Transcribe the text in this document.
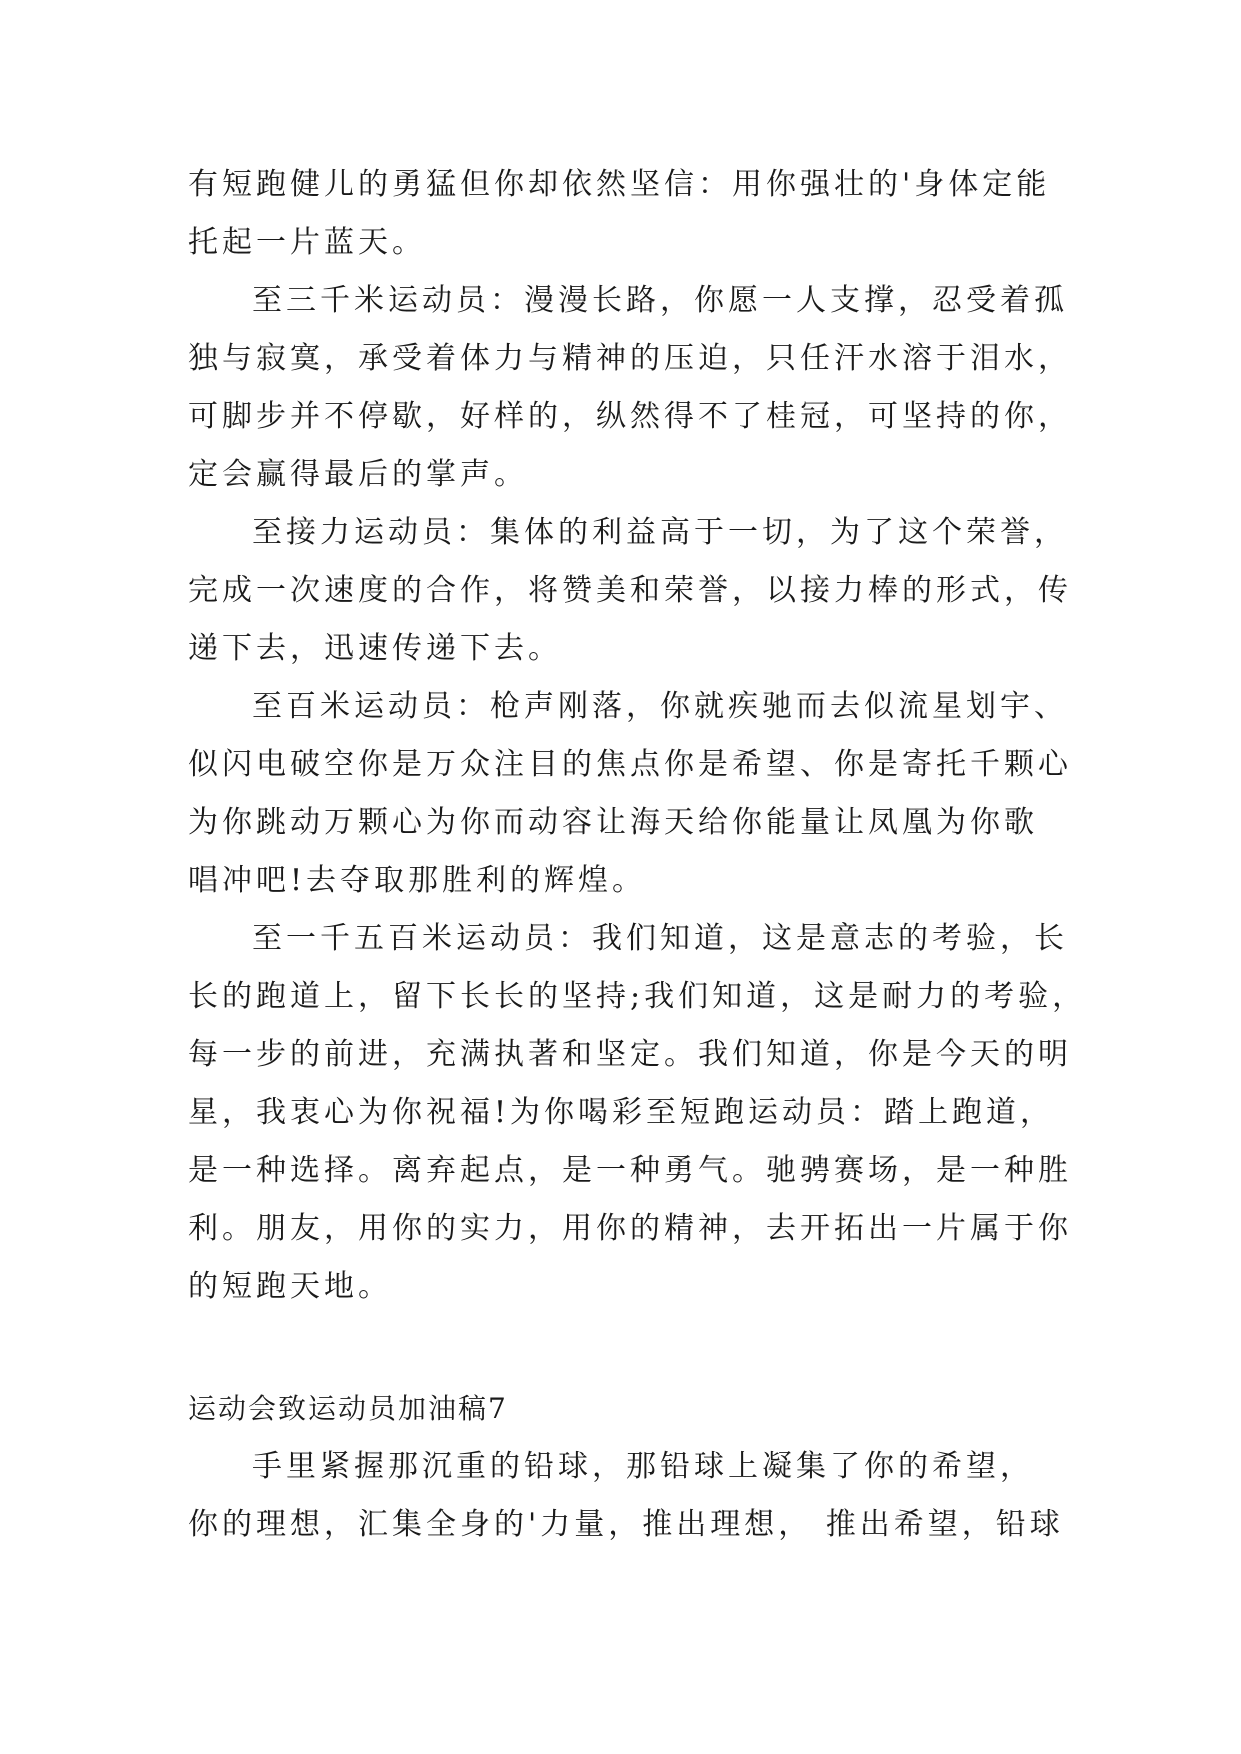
有短跑健儿的勇猛但你却依然坚信：用你强壮的'身体定能
托起一片蓝天。
至三千米运动员：漫漫长路，你愿一人支撑，忍受着孤
独与寂寞，承受着体力与精神的压迫，只任汗水溶于泪水，
可脚步并不停歇，好样的，纵然得不了桂冠，可坚持的你，
定会赢得最后的掌声。
至接力运动员：集体的利益高于一切，为了这个荣誉，
完成一次速度的合作，将赞美和荣誉，以接力棒的形式，传
递下去，迅速传递下去。
至百米运动员：枪声刚落，你就疾驰而去似流星划宇、
似闪电破空你是万众注目的焦点你是希望、你是寄托千颗心
为你跳动万颗心为你而动容让海天给你能量让凤凰为你歌
唱冲吧!去夺取那胜利的辉煌。
至一千五百米运动员：我们知道，这是意志的考验，长
长的跑道上，留下长长的坚持;我们知道，这是耐力的考验，
每一步的前进，充满执著和坚定。我们知道，你是今天的明
星，我衷心为你祝福!为你喝彩至短跑运动员：踏上跑道，
是一种选择。离弃起点，是一种勇气。驰骋赛场，是一种胜
利。朋友，用你的实力，用你的精神，去开拓出一片属于你
的短跑天地。
运动会致运动员加油稿7
手里紧握那沉重的铅球，那铅球上凝集了你的希望，
你的理想，汇集全身的'力量，推出理想， 推出希望，铅球
